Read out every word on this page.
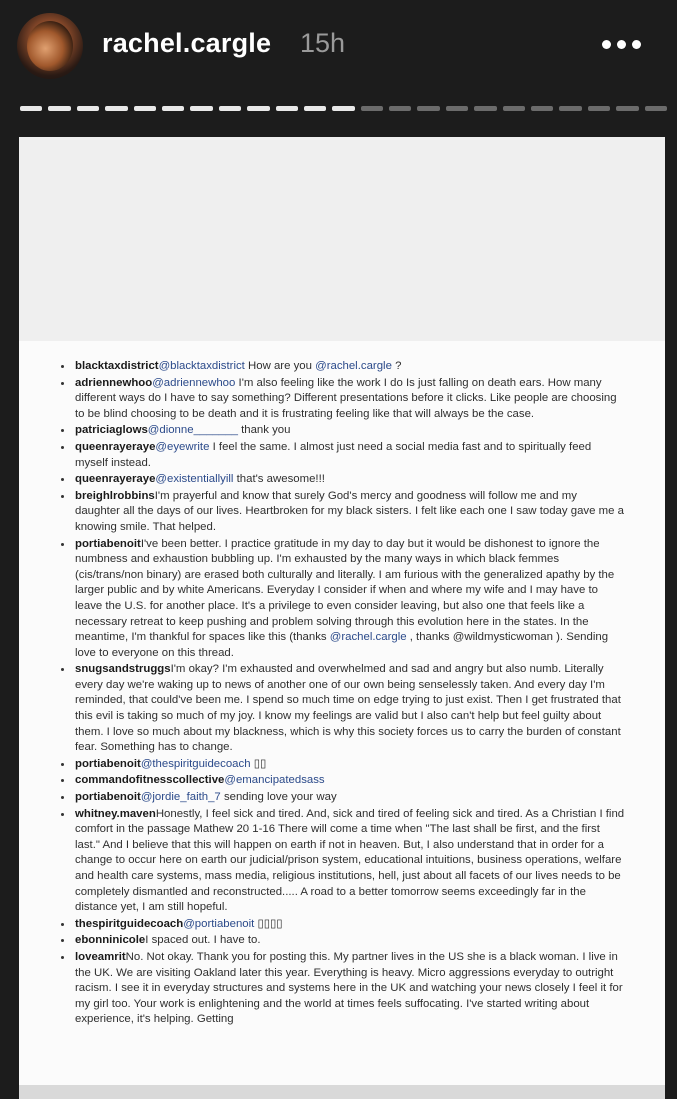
rachel.cargle 15h
• blacktaxdistrict@blacktaxdistrict How are you @rachel.cargle ?
• adriennewhoo@adriennewhoo I'm also feeling like the work I do Is just falling on death ears. How many different ways do I have to say something? Different presentations before it clicks. Like people are choosing to be blind choosing to be death and it is frustrating feeling like that will always be the case.
• patriciaglows@dionne_______ thank you
• queenrayeraye@eyewrite I feel the same. I almost just need a social media fast and to spiritually feed myself instead.
• queenrayeraye@existentiallyill that's awesome!!!
• breighlrobbinsI'm prayerful and know that surely God's mercy and goodness will follow me and my daughter all the days of our lives. Heartbroken for my black sisters. I felt like each one I saw today gave me a knowing smile. That helped.
• portiabenoitI've been better. I practice gratitude in my day to day but it would be dishonest to ignore the numbness and exhaustion bubbling up. I'm exhausted by the many ways in which black femmes (cis/trans/non binary) are erased both culturally and literally. I am furious with the generalized apathy by the larger public and by white Americans. Everyday I consider if when and where my wife and I may have to leave the U.S. for another place. It's a privilege to even consider leaving, but also one that feels like a necessary retreat to keep pushing and problem solving through this evolution here in the states. In the meantime, I'm thankful for spaces like this (thanks @rachel.cargle , thanks @wildmysticwoman ). Sending love to everyone on this thread.
• snugsandstruggsI'm okay? I'm exhausted and overwhelmed and sad and angry but also numb. Literally every day we're waking up to news of another one of our own being senselessly taken. And every day I'm reminded, that could've been me. I spend so much time on edge trying to just exist. Then I get frustrated that this evil is taking so much of my joy. I know my feelings are valid but I also can't help but feel guilty about them. I love so much about my blackness, which is why this society forces us to carry the burden of constant fear. Something has to change.
• portiabenoit@thespiritguidecoach ▯▯
• commandofitnesscollective@emancipatedsass
• portiabenoit@jordie_faith_7 sending love your way
• whitney.mavenHonestly, I feel sick and tired. And, sick and tired of feeling sick and tired. As a Christian I find comfort in the passage Mathew 20 1-16 There will come a time when "The last shall be first, and the first last." And I believe that this will happen on earth if not in heaven. But, I also understand that in order for a change to occur here on earth our judicial/prison system, educational intuitions, business operations, welfare and health care systems, mass media, religious institutions, hell, just about all facets of our lives needs to be completely dismantled and reconstructed..... A road to a better tomorrow seems exceedingly far in the distance yet, I am still hopeful.
• thespiritguidecoach@portiabenoit ▯▯▯▯
• ebonninicoleI spaced out. I have to.
• loveamritNo. Not okay. Thank you for posting this. My partner lives in the US she is a black woman. I live in the UK. We are visiting Oakland later this year. Everything is heavy. Micro aggressions everyday to outright racism. I see it in everyday structures and systems here in the UK and watching your news closely I feel it for my girl too. Your work is enlightening and the world at times feels suffocating. I've started writing about experience, it's helping. Getting
